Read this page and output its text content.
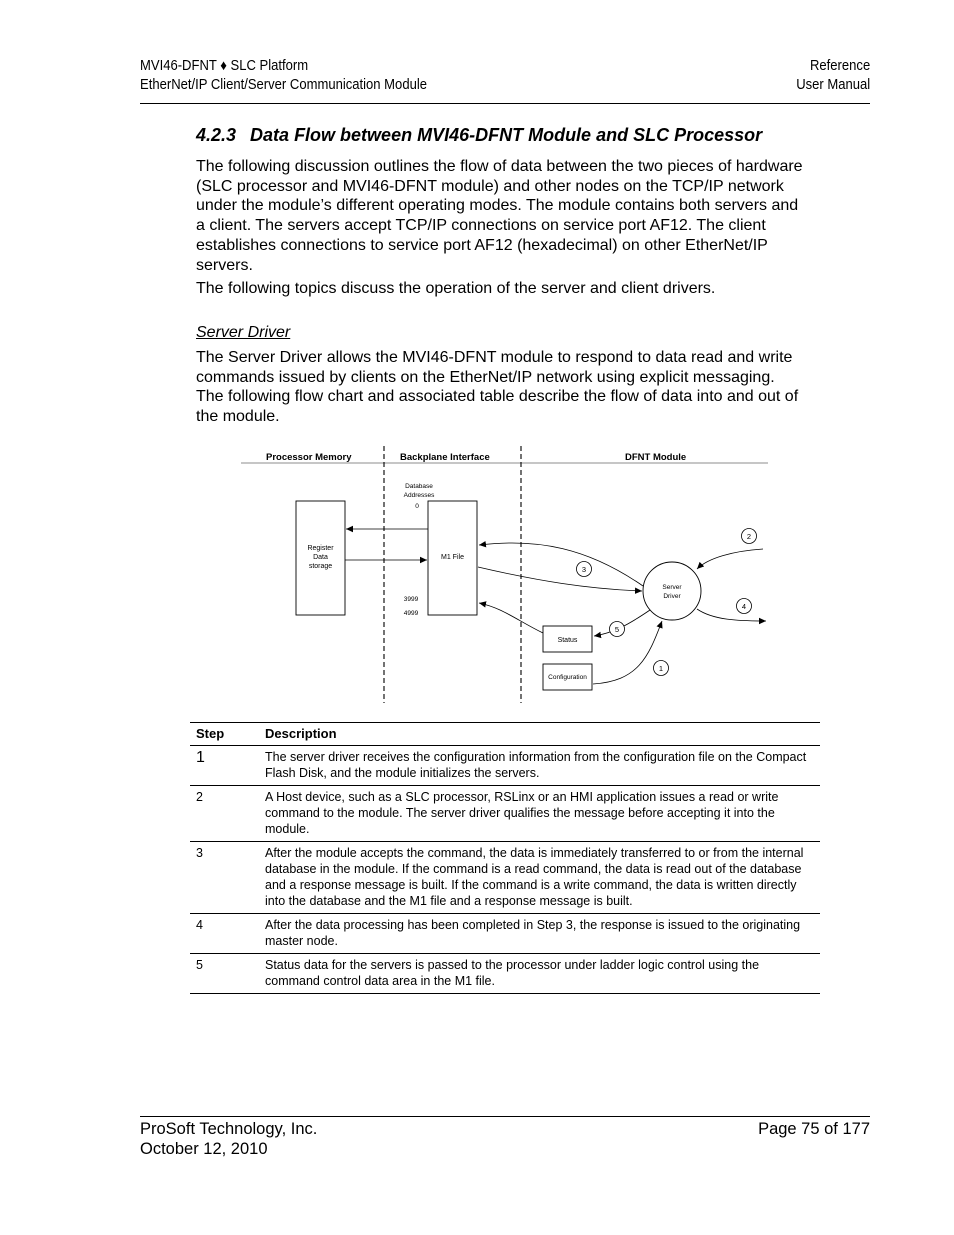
MVI46-DFNT ♦ SLC Platform
EtherNet/IP Client/Server Communication Module
Reference
User Manual
4.2.3 Data Flow between MVI46-DFNT Module and SLC Processor
The following discussion outlines the flow of data between the two pieces of hardware (SLC processor and MVI46-DFNT module) and other nodes on the TCP/IP network under the module’s different operating modes. The module contains both servers and a client. The servers accept TCP/IP connections on service port AF12. The client establishes connections to service port AF12 (hexadecimal) on other EtherNet/IP servers.
The following topics discuss the operation of the server and client drivers.
Server Driver
The Server Driver allows the MVI46-DFNT module to respond to data read and write commands issued by clients on the EtherNet/IP network using explicit messaging. The following flow chart and associated table describe the flow of data into and out of the module.
Processor Memory	Backplane Interface	DFNT Module
Register
Data
storage
Database
Addresses
0
3999
4999
M1 File
Server
Driver
Status
Configuration
1
2
3
4
5
Step	Description
1	The server driver receives the configuration information from the configuration file on the Compact Flash Disk, and the module initializes the servers.
2	A Host device, such as a SLC processor, RSLinx or an HMI application issues a read or write command to the module. The server driver qualifies the message before accepting it into the module.
3	After the module accepts the command, the data is immediately transferred to or from the internal database in the module. If the command is a read command, the data is read out of the database and a response message is built. If the command is a write command, the data is written directly into the database and the M1 file and a response message is built.
4	After the data processing has been completed in Step 3, the response is issued to the originating master node.
5	Status data for the servers is passed to the processor under ladder logic control using the command control data area in the M1 file.
ProSoft Technology, Inc.
October 12, 2010
Page 75 of 177
